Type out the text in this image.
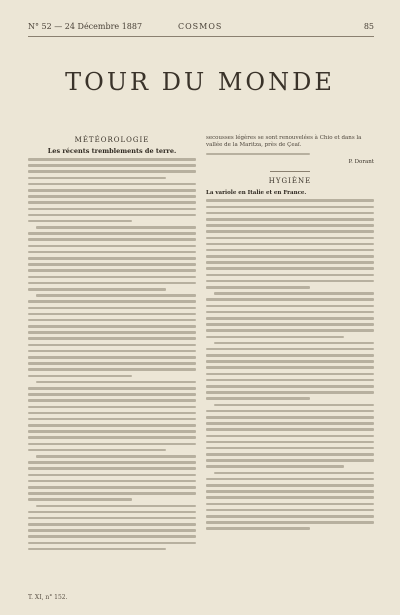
N° 52 — 24 Décembre 1887	COSMOS	85
TOUR DU MONDE
MÉTÉOROLOGIE
Les récents tremblements de terre.
secousses légères se sont renouvelées à Chio et dans la vallée de la Maritza, près de Çeaï.
P. Dorant
HYGIÈNE
La variole en Italie et en France.
T. XI, n° 152.
